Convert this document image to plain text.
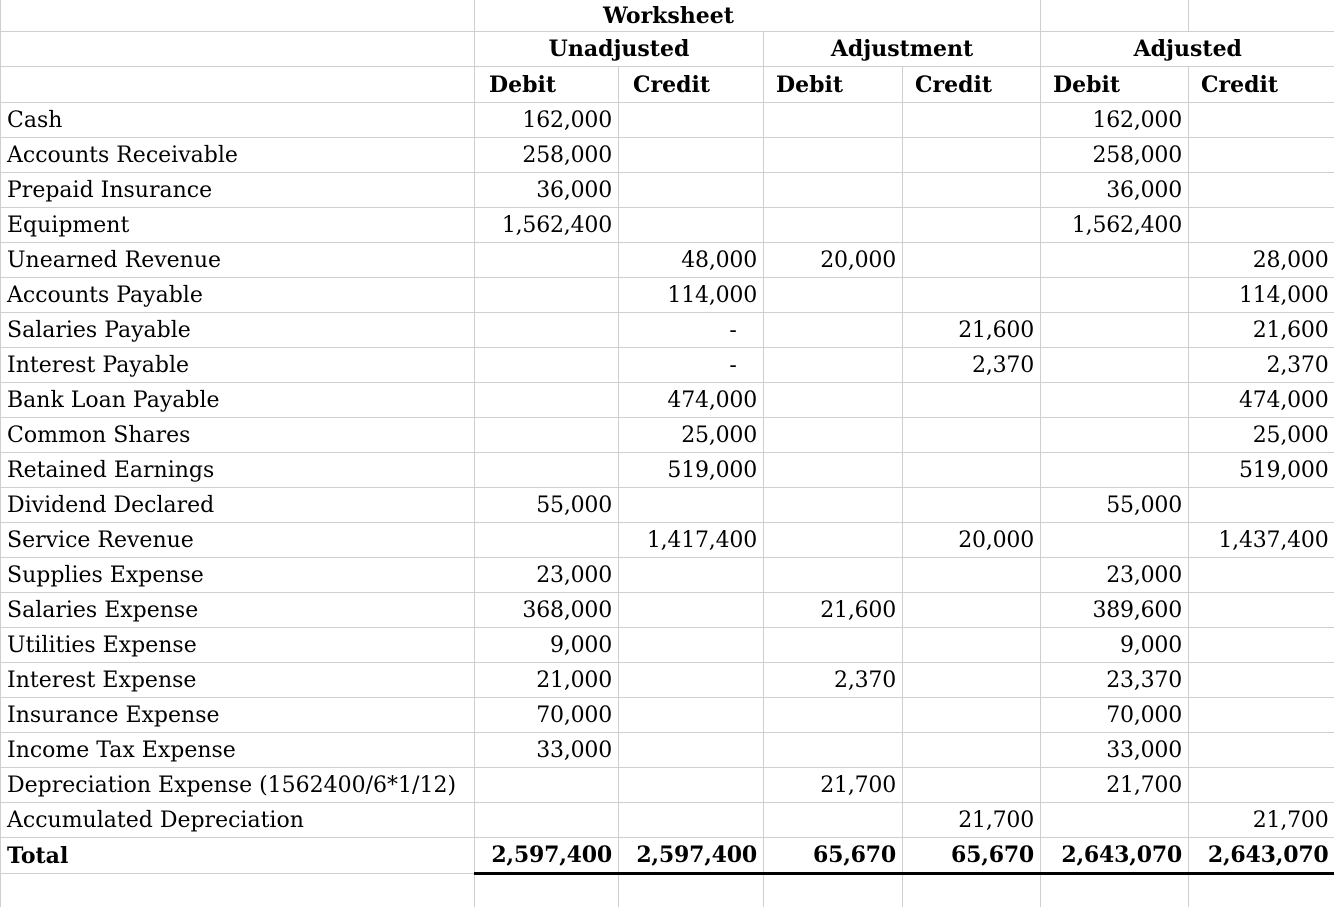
	Worksheet					
	Unadjusted		Adjustment		Adjusted	
	Debit	Credit	Debit	Credit	Debit	Credit
Cash	162,000				162,000	
Accounts Receivable	258,000				258,000	
Prepaid Insurance	36,000				36,000	
Equipment	1,562,400				1,562,400	
Unearned Revenue		48,000	20,000			28,000
Accounts Payable		114,000				114,000
Salaries Payable		-		21,600		21,600
Interest Payable		-		2,370		2,370
Bank Loan Payable		474,000				474,000
Common Shares		25,000				25,000
Retained Earnings		519,000				519,000
Dividend Declared	55,000				55,000	
Service Revenue		1,417,400		20,000		1,437,400
Supplies Expense	23,000				23,000	
Salaries Expense	368,000		21,600		389,600	
Utilities Expense	9,000				9,000	
Interest Expense	21,000		2,370		23,370	
Insurance Expense	70,000				70,000	
Income Tax Expense	33,000				33,000	
Depreciation Expense (1562400/6*1/12)			21,700		21,700	
Accumulated Depreciation				21,700		21,700
Total	2,597,400	2,597,400	65,670	65,670	2,643,070	2,643,070
